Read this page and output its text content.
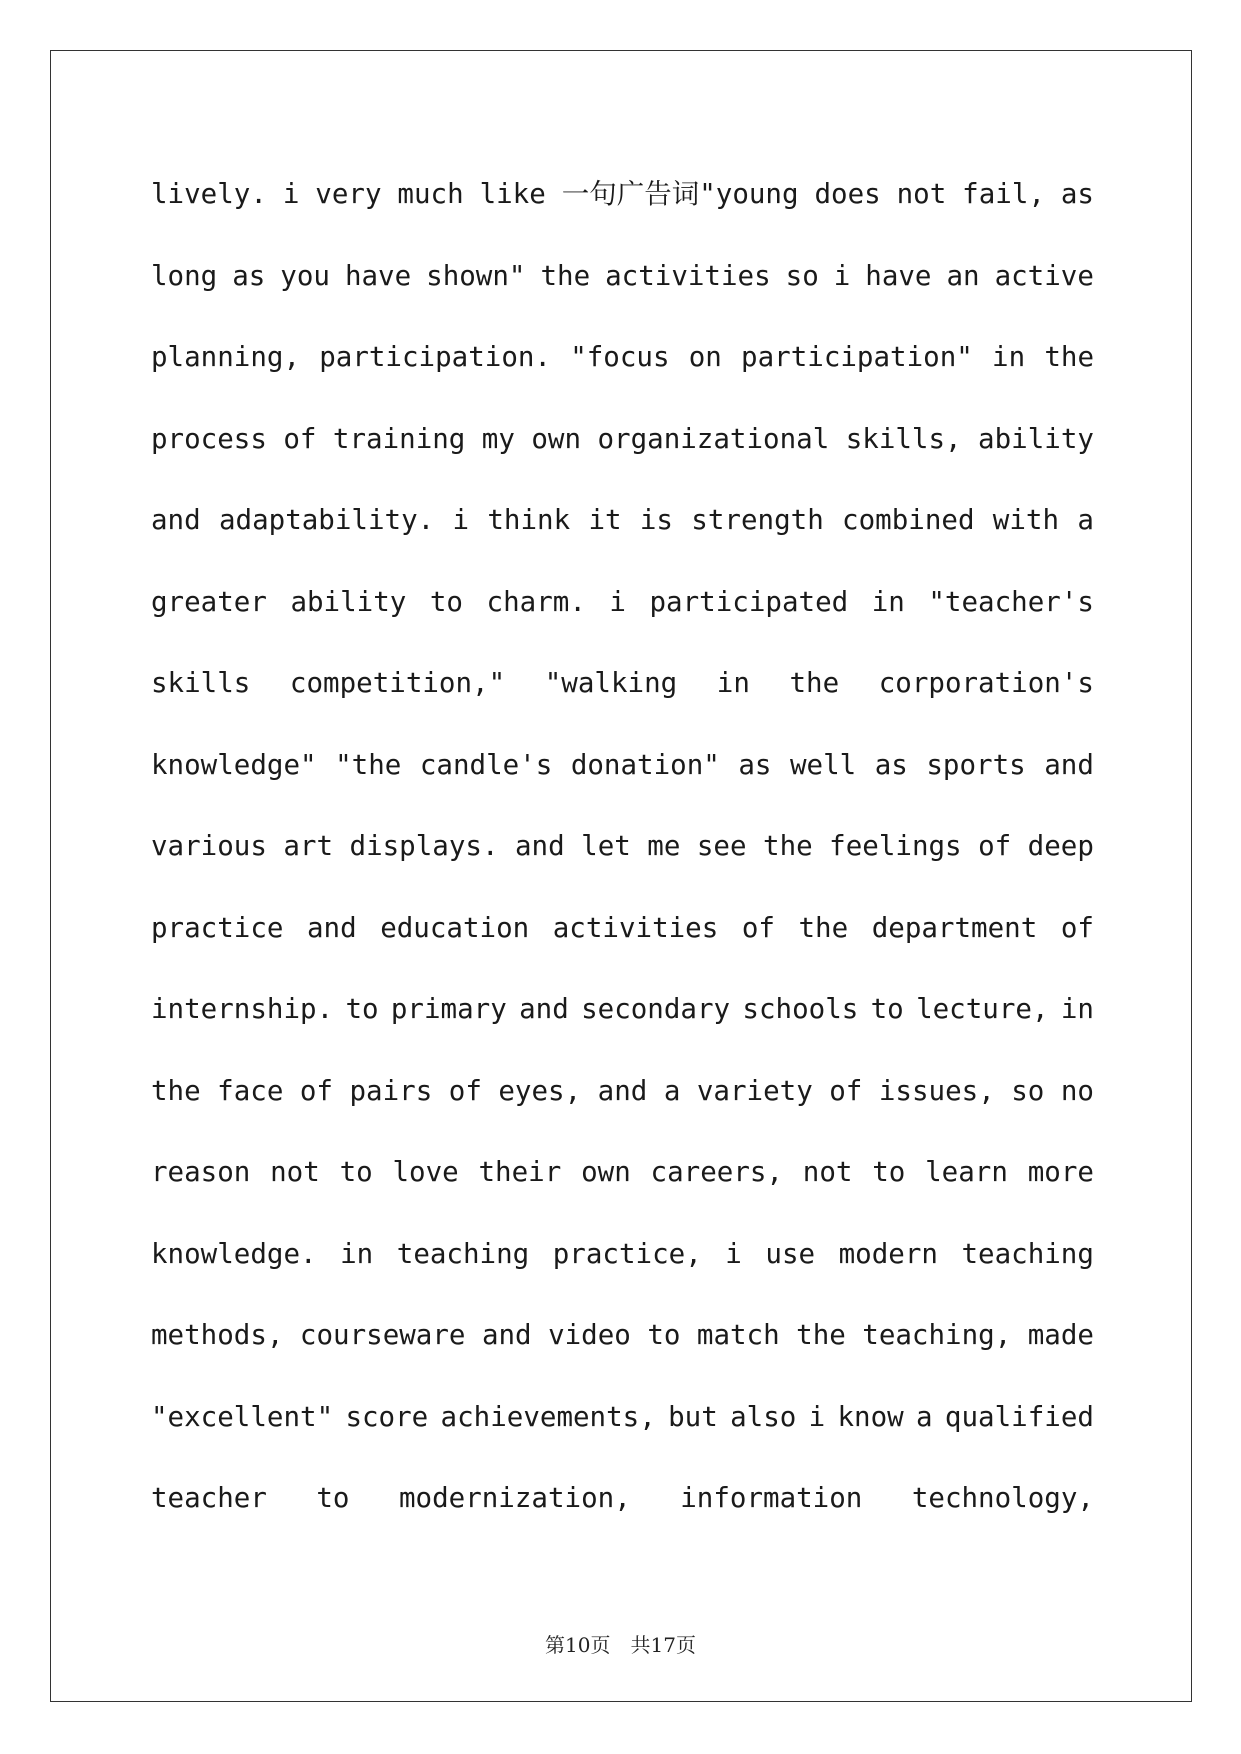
lively. i very much like 一句广告词"young does not fail, as
long as you have shown" the activities so i have an active
planning, participation. "focus on participation" in the
process of training my own organizational skills, ability
and adaptability. i think it is strength combined with a
greater ability to charm. i participated in "teacher's
skills competition," "walking in the corporation's
knowledge" "the candle's donation" as well as sports and
various art displays. and let me see the feelings of deep
practice and education activities of the department of
internship. to primary and secondary schools to lecture, in
the face of pairs of eyes, and a variety of issues, so no
reason not to love their own careers, not to learn more
knowledge. in teaching practice, i use modern teaching
methods, courseware and video to match the teaching, made
"excellent" score achievements, but also i know a qualified
teacher to modernization, information technology,
第10页　共17页
